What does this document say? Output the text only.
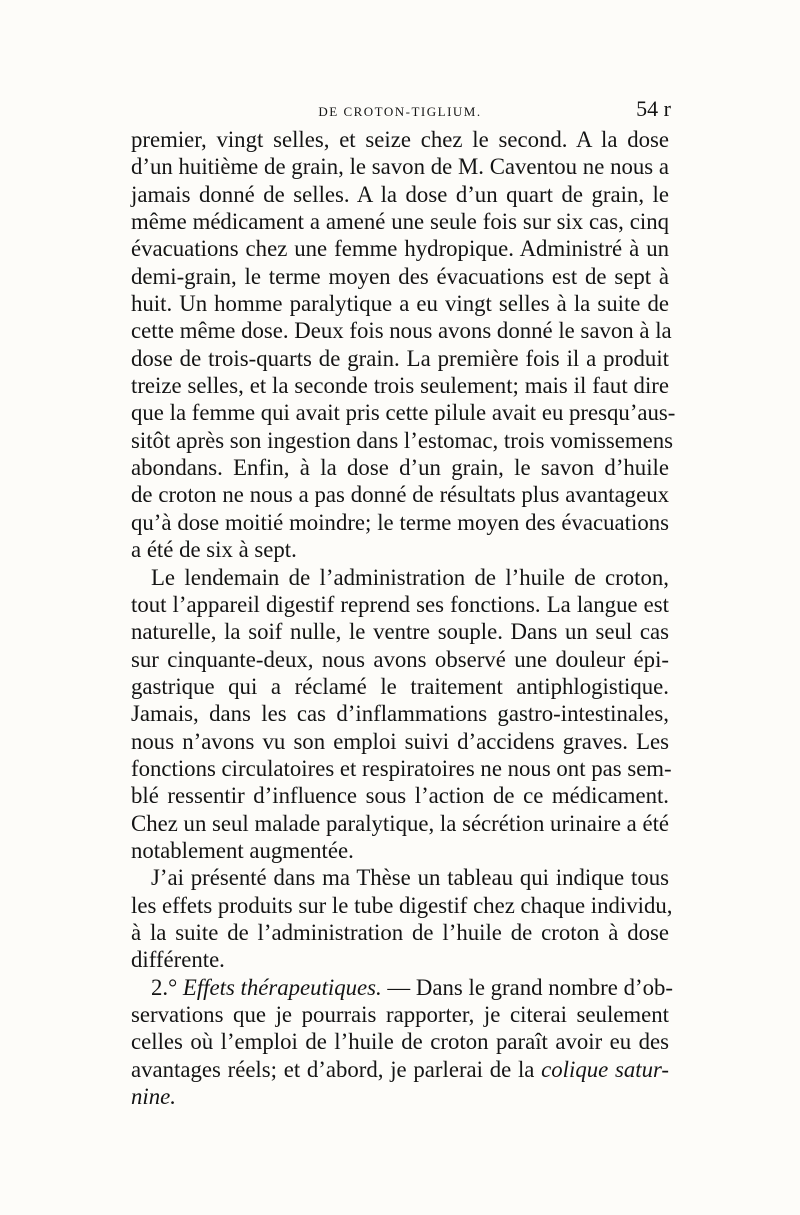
DE CROTON-TIGLIUM.	54 r
premier, vingt selles, et seize chez le second. A la dose
d’un huitième de grain, le savon de M. Caventou ne nous a
jamais donné de selles. A la dose d’un quart de grain, le
même médicament a amené une seule fois sur six cas, cinq
évacuations chez une femme hydropique. Administré à un
demi-grain, le terme moyen des évacuations est de sept à
huit. Un homme paralytique a eu vingt selles à la suite de
cette même dose. Deux fois nous avons donné le savon à la
dose de trois-quarts de grain. La première fois il a produit
treize selles, et la seconde trois seulement; mais il faut dire
que la femme qui avait pris cette pilule avait eu presqu’aus-
sitôt après son ingestion dans l’estomac, trois vomissemens
abondans. Enfin, à la dose d’un grain, le savon d’huile
de croton ne nous a pas donné de résultats plus avantageux
qu’à dose moitié moindre; le terme moyen des évacuations
a été de six à sept.
Le lendemain de l’administration de l’huile de croton,
tout l’appareil digestif reprend ses fonctions. La langue est
naturelle, la soif nulle, le ventre souple. Dans un seul cas
sur cinquante-deux, nous avons observé une douleur épi-
gastrique qui a réclamé le traitement antiphlogistique.
Jamais, dans les cas d’inflammations gastro-intestinales,
nous n’avons vu son emploi suivi d’accidens graves. Les
fonctions circulatoires et respiratoires ne nous ont pas sem-
blé ressentir d’influence sous l’action de ce médicament.
Chez un seul malade paralytique, la sécrétion urinaire a été
notablement augmentée.
J’ai présenté dans ma Thèse un tableau qui indique tous
les effets produits sur le tube digestif chez chaque individu,
à la suite de l’administration de l’huile de croton à dose
différente.
2.° Effets thérapeutiques. — Dans le grand nombre d’ob-
servations que je pourrais rapporter, je citerai seulement
celles où l’emploi de l’huile de croton paraît avoir eu des
avantages réels; et d’abord, je parlerai de la colique satur-
nine.
